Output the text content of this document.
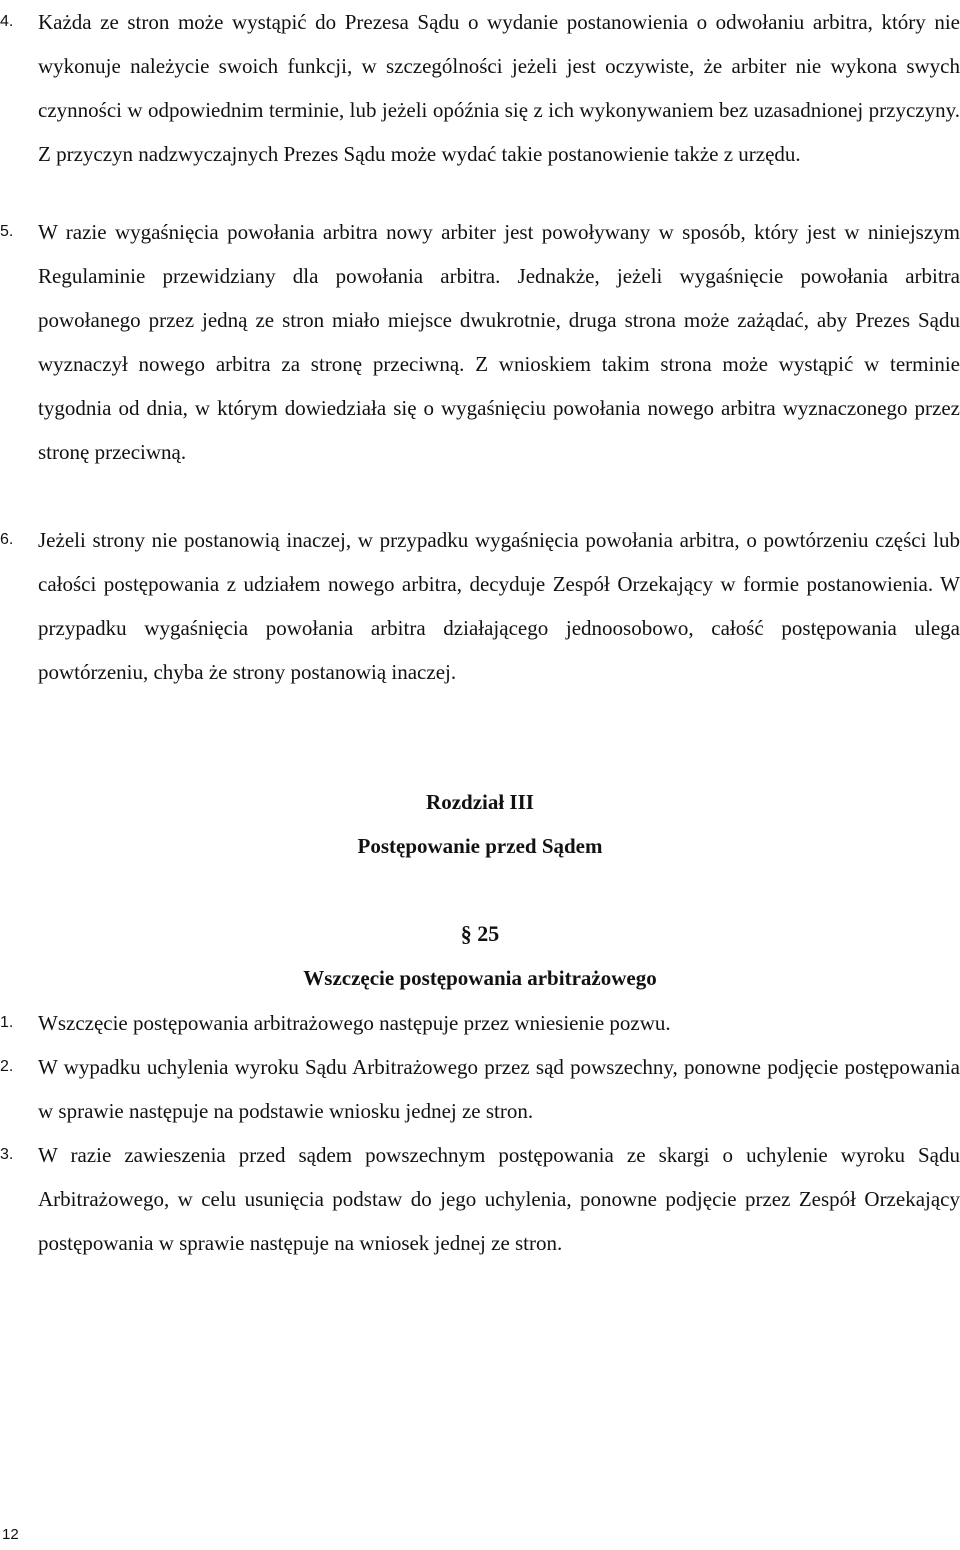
4.	Każda ze stron może wystąpić do Prezesa Sądu o wydanie postanowienia o odwołaniu arbitra, który nie wykonuje należycie swoich funkcji, w szczególności jeżeli jest oczywiste, że arbiter nie wykona swych czynności w odpowiednim terminie, lub jeżeli opóźnia się z ich wykonywaniem bez uzasadnionej przyczyny. Z przyczyn nadzwyczajnych Prezes Sądu może wydać takie postanowienie także z urzędu.
5.	W razie wygaśnięcia powołania arbitra nowy arbiter jest powoływany w sposób, który jest w niniejszym Regulaminie przewidziany dla powołania arbitra. Jednakże, jeżeli wygaśnięcie powołania arbitra powołanego przez jedną ze stron miało miejsce dwukrotnie, druga strona może zażądać, aby Prezes Sądu wyznaczył nowego arbitra za stronę przeciwną. Z wnioskiem takim strona może wystąpić w terminie tygodnia od dnia, w którym dowiedziała się o wygaśnięciu powołania nowego arbitra wyznaczonego przez stronę przeciwną.
6.	Jeżeli strony nie postanowią inaczej, w przypadku wygaśnięcia powołania arbitra, o powtórzeniu części lub całości postępowania z udziałem nowego arbitra, decyduje Zespół Orzekający w formie postanowienia. W przypadku wygaśnięcia powołania arbitra działającego jednoosobowo, całość postępowania ulega powtórzeniu, chyba że strony postanowią inaczej.
Rozdział III
Postępowanie przed Sądem
§ 25
Wszczęcie postępowania arbitrażowego
1.	Wszczęcie postępowania arbitrażowego następuje przez wniesienie pozwu.
2.	W wypadku uchylenia wyroku Sądu Arbitrażowego przez sąd powszechny, ponowne podjęcie postępowania w sprawie następuje na podstawie wniosku jednej ze stron.
3.	W razie zawieszenia przed sądem powszechnym postępowania ze skargi o uchylenie wyroku Sądu Arbitrażowego, w celu usunięcia podstaw do jego uchylenia, ponowne podjęcie przez Zespół Orzekający postępowania w sprawie następuje na wniosek jednej ze stron.
12
